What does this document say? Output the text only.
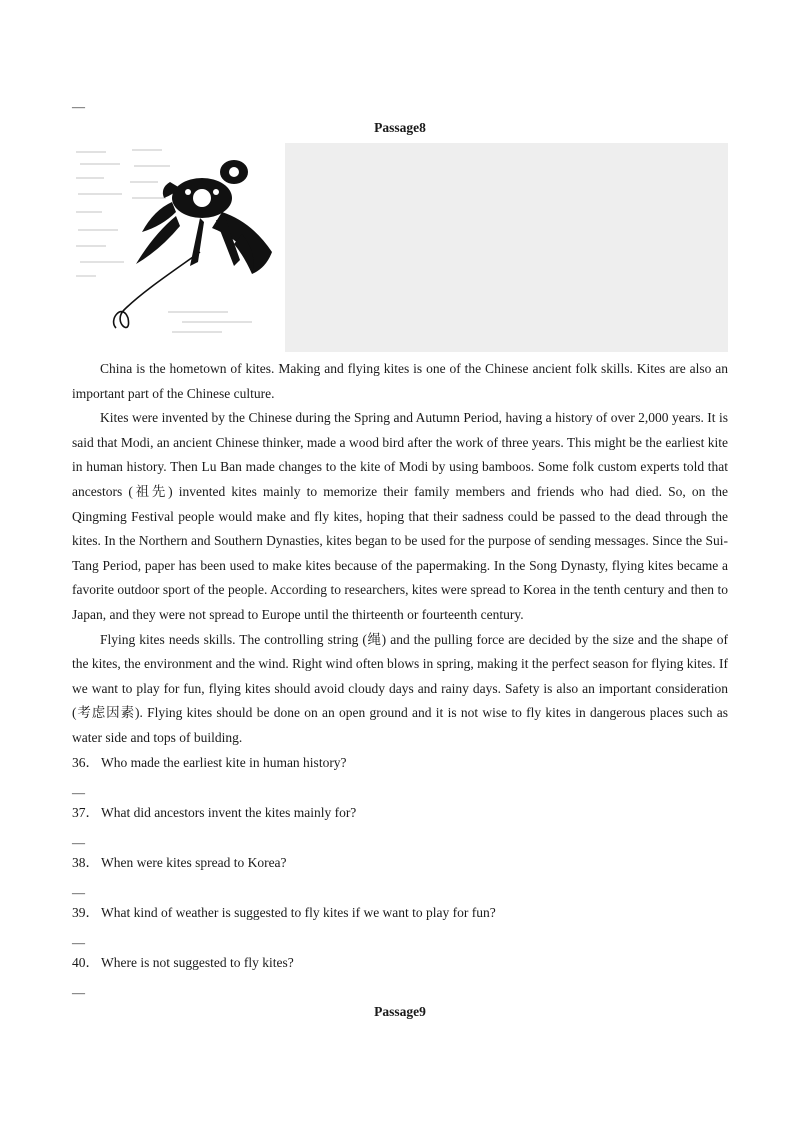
—
Passage8

China is the hometown of kites. Making and flying kites is one of the Chinese ancient folk skills. Kites are also an important part of the Chinese culture.

Kites were invented by the Chinese during the Spring and Autumn Period, having a history of over 2,000 years. It is said that Modi, an ancient Chinese thinker, made a wood bird after the work of three years. This might be the earliest kite in human history. Then Lu Ban made changes to the kite of Modi by using bamboos. Some folk custom experts told that ancestors (祖先) invented kites mainly to memorize their family members and friends who had died. So, on the Qingming Festival people would make and fly kites, hoping that their sadness could be passed to the dead through the kites. In the Northern and Southern Dynasties, kites began to be used for the purpose of sending messages. Since the Sui-Tang Period, paper has been used to make kites because of the papermaking. In the Song Dynasty, flying kites became a favorite outdoor sport of the people. According to researchers, kites were spread to Korea in the tenth century and then to Japan, and they were not spread to Europe until the thirteenth or fourteenth century.

Flying kites needs skills. The controlling string (绳) and the pulling force are decided by the size and the shape of the kites, the environment and the wind. Right wind often blows in spring, making it the perfect season for flying kites. If we want to play for fun, flying kites should avoid cloudy days and rainy days. Safety is also an important consideration (考虑因素). Flying kites should be done on an open ground and it is not wise to fly kites in dangerous places such as water side and tops of building.

36． Who made the earliest kite in human history?
—
37． What did ancestors invent the kites mainly for?
—
38． When were kites spread to Korea?
—
39． What kind of weather is suggested to fly kites if we want to play for fun?
—
40． Where is not suggested to fly kites?
—
Passage9
